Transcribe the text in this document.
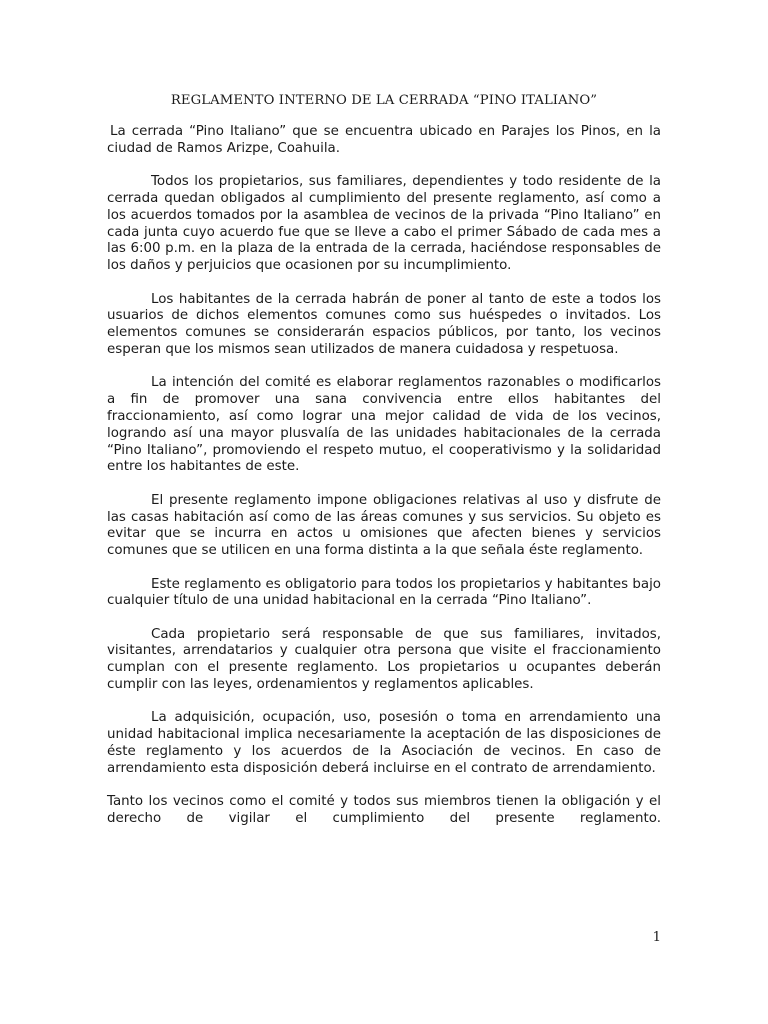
REGLAMENTO INTERNO DE LA CERRADA “PINO ITALIANO”

La cerrada “Pino Italiano” que se encuentra ubicado en Parajes los Pinos, en la ciudad de Ramos Arizpe, Coahuila.

Todos los propietarios, sus familiares, dependientes y todo residente de la cerrada quedan obligados al cumplimiento del presente reglamento, así como a los acuerdos tomados por la asamblea de vecinos de la privada “Pino Italiano” en cada junta cuyo acuerdo fue que se lleve a cabo el primer Sábado de cada mes a las 6:00 p.m. en la plaza de la entrada de la cerrada, haciéndose responsables de los daños y perjuicios que ocasionen por su incumplimiento.

Los habitantes de la cerrada habrán de poner al tanto de este a todos los usuarios de dichos elementos comunes como sus huéspedes o invitados. Los elementos comunes se considerarán espacios públicos, por tanto, los vecinos esperan que los mismos sean utilizados de manera cuidadosa y respetuosa.

La intención del comité es elaborar reglamentos razonables o modificarlos a fin de promover una sana convivencia entre ellos habitantes del fraccionamiento, así como lograr una mejor calidad de vida de los vecinos, logrando así una mayor plusvalía de las unidades habitacionales de la cerrada “Pino Italiano”, promoviendo el respeto mutuo, el cooperativismo y la solidaridad entre los habitantes de este.

El presente reglamento impone obligaciones relativas al uso y disfrute de las casas habitación así como de las áreas comunes y sus servicios. Su objeto es evitar que se incurra en actos u omisiones que afecten bienes y servicios comunes que se utilicen en una forma distinta a la que señala éste reglamento.

Este reglamento es obligatorio para todos los propietarios y habitantes bajo cualquier título de una unidad habitacional en la cerrada “Pino Italiano”.

Cada propietario será responsable de que sus familiares, invitados, visitantes, arrendatarios y cualquier otra persona que visite el fraccionamiento cumplan con el presente reglamento. Los propietarios u ocupantes deberán cumplir con las leyes, ordenamientos y reglamentos aplicables.

La adquisición, ocupación, uso, posesión o toma en arrendamiento una unidad habitacional implica necesariamente la aceptación de las disposiciones de éste reglamento y los acuerdos de la Asociación de vecinos. En caso de arrendamiento esta disposición deberá incluirse en el contrato de arrendamiento.

Tanto los vecinos como el comité y todos sus miembros tienen la obligación y el derecho de vigilar el cumplimiento del presente reglamento.

1
